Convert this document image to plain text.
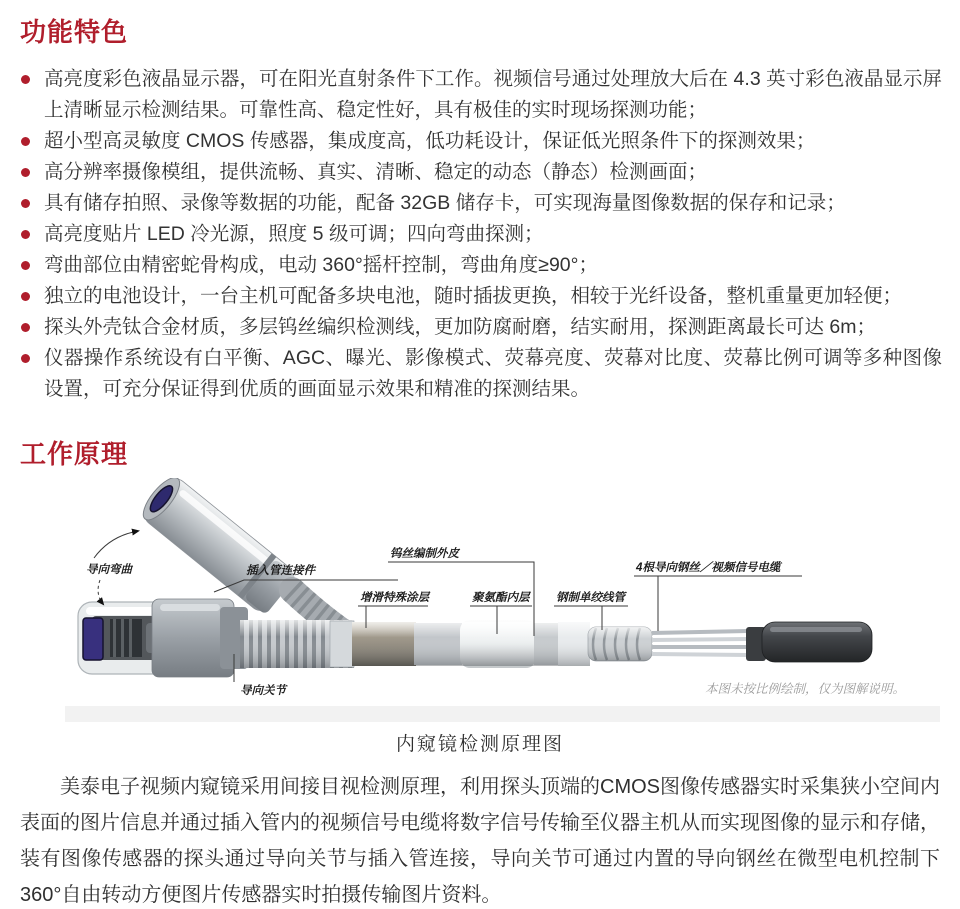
功能特色
高亮度彩色液晶显示器，可在阳光直射条件下工作。视频信号通过处理放大后在 4.3 英寸彩色液晶显示屏上清晰显示检测结果。可靠性高、稳定性好，具有极佳的实时现场探测功能；
超小型高灵敏度 CMOS 传感器，集成度高，低功耗设计，保证低光照条件下的探测效果；
高分辨率摄像模组，提供流畅、真实、清晰、稳定的动态（静态）检测画面；
具有储存拍照、录像等数据的功能，配备 32GB 储存卡，可实现海量图像数据的保存和记录；
高亮度贴片 LED 冷光源，照度 5 级可调；四向弯曲探测；
弯曲部位由精密蛇骨构成，电动 360°摇杆控制，弯曲角度≥90°；
独立的电池设计，一台主机可配备多块电池，随时插拔更换，相较于光纤设备，整机重量更加轻便；
探头外壳钛合金材质，多层钨丝编织检测线，更加防腐耐磨，结实耐用，探测距离最长可达 6m；
仪器操作系统设有白平衡、AGC、曝光、影像模式、荧幕亮度、荧幕对比度、荧幕比例可调等多种图像设置，可充分保证得到优质的画面显示效果和精准的探测结果。
工作原理
导向弯曲	插入管连接件
导向关节
钨丝编制外皮
增滑特殊涂层	聚氨酯内层 钢制单绞线管
4根导向钢丝／视频信号电缆
本图未按比例绘制，仅为图解说明。
内窥镜检测原理图

美泰电子视频内窥镜采用间接目视检测原理，利用探头顶端的CMOS图像传感器实时采集狭小空间内表面的图片信息并通过插入管内的视频信号电缆将数字信号传输至仪器主机从而实现图像的显示和存储，装有图像传感器的探头通过导向关节与插入管连接，导向关节可通过内置的导向钢丝在微型电机控制下360°自由转动方便图片传感器实时拍摄传输图片资料。
